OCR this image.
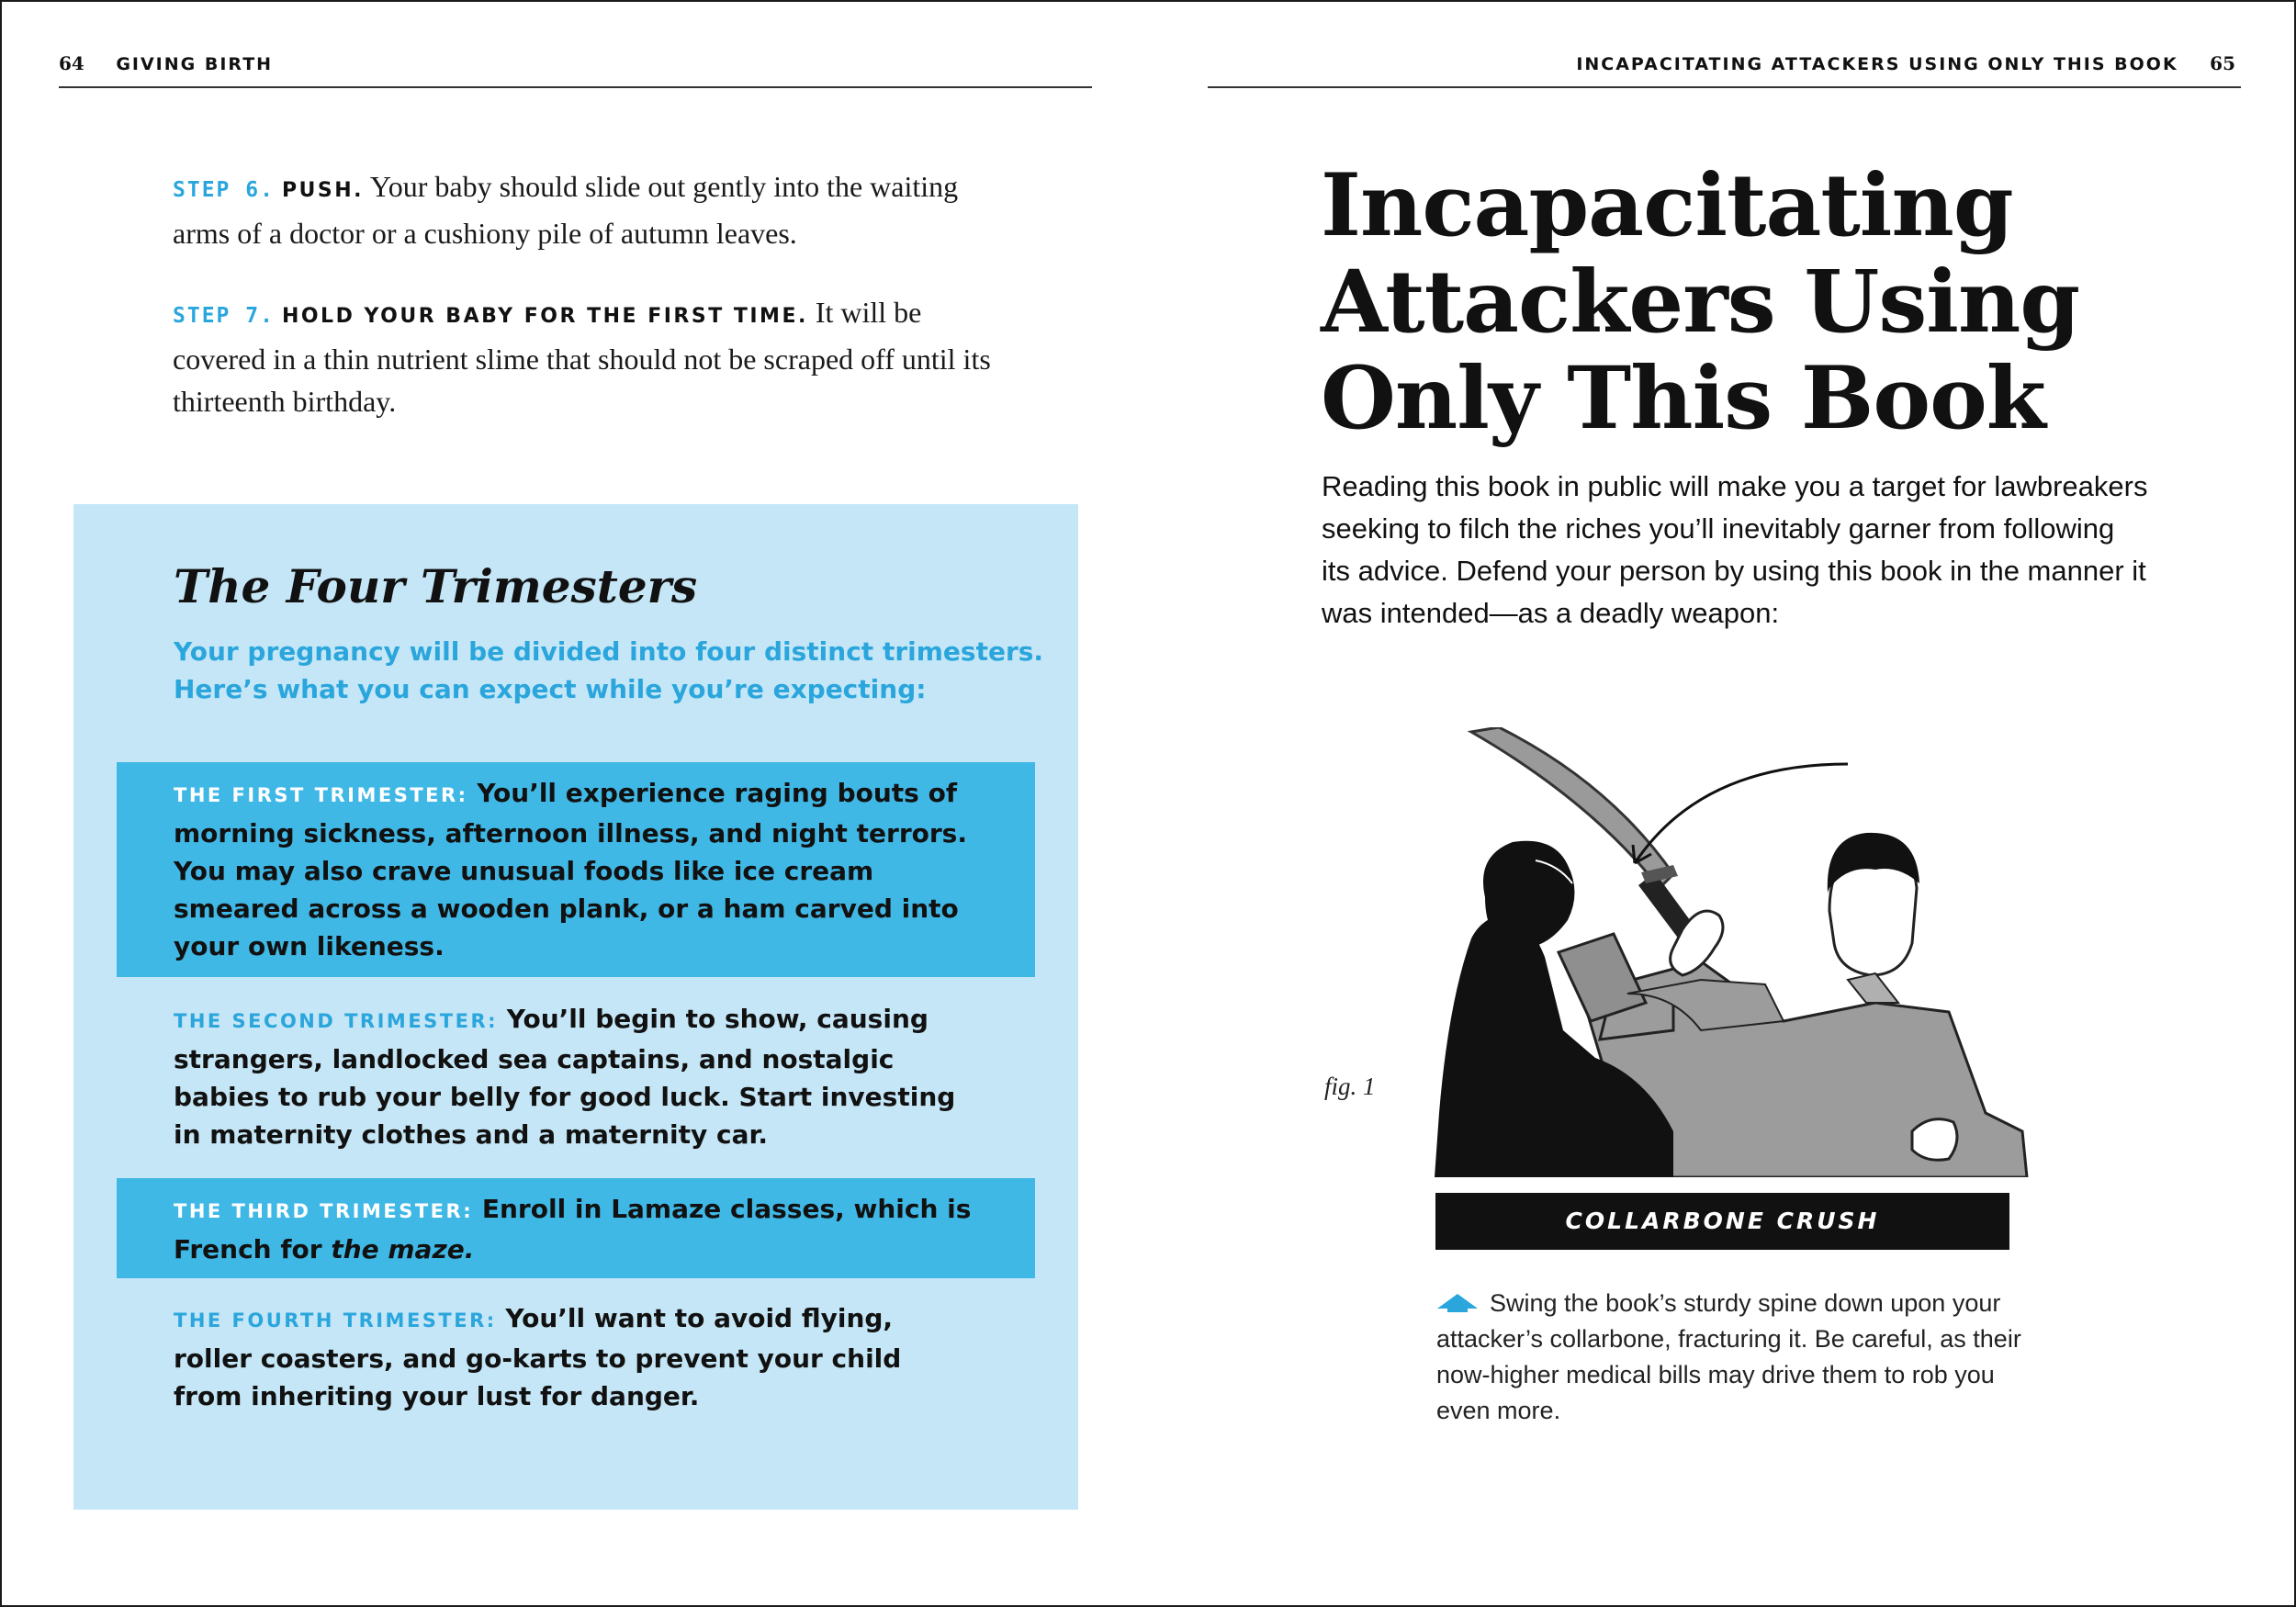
64 GIVING BIRTH	INCAPACITATING ATTACKERS USING ONLY THIS BOOK 65
STEP 6. PUSH. Your baby should slide out gently into the waiting arms of a doctor or a cushiony pile of autumn leaves.
STEP 7. HOLD YOUR BABY FOR THE FIRST TIME. It will be covered in a thin nutrient slime that should not be scraped off until its thirteenth birthday.
The Four Trimesters
Your pregnancy will be divided into four distinct trimesters. Here’s what you can expect while you’re expecting:
THE FIRST TRIMESTER: You’ll experience raging bouts of morning sickness, afternoon illness, and night terrors. You may also crave unusual foods like ice cream smeared across a wooden plank, or a ham carved into your own likeness.
THE SECOND TRIMESTER: You’ll begin to show, causing strangers, landlocked sea captains, and nostalgic babies to rub your belly for good luck. Start investing in maternity clothes and a maternity car.
THE THIRD TRIMESTER: Enroll in Lamaze classes, which is French for the maze.
THE FOURTH TRIMESTER: You’ll want to avoid flying, roller coasters, and go-karts to prevent your child from inheriting your lust for danger.
Incapacitating
Attackers Using
Only This Book
Reading this book in public will make you a target for lawbreakers seeking to filch the riches you’ll inevitably garner from following its advice. Defend your person by using this book in the manner it was intended—as a deadly weapon:
fig. 1
COLLARBONE CRUSH
Swing the book’s sturdy spine down upon your attacker’s collarbone, fracturing it. Be careful, as their now-higher medical bills may drive them to rob you even more.
